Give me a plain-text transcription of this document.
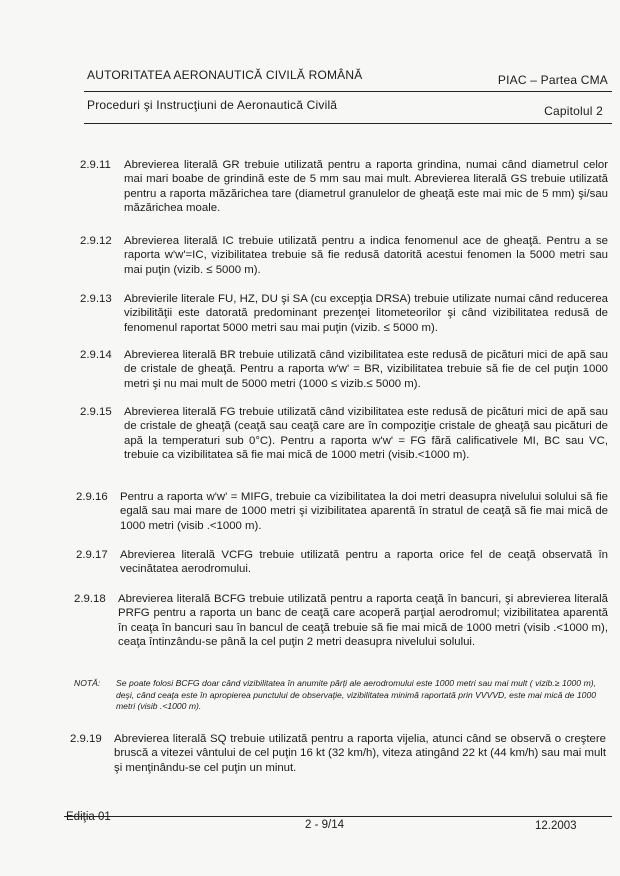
AUTORITATEA AERONAUTICĂ CIVILĂ ROMÂNĂ	PIAC – Partea CMA
Proceduri şi Instrucţiuni de Aeronautică Civilă	Capitolul 2
2.9.11	Abrevierea literală GR trebuie utilizată pentru a raporta grindina, numai când diametrul celor mai mari boabe de grindină este de 5 mm sau mai mult. Abrevierea literală GS trebuie utilizată pentru a raporta măzărichea tare (diametrul granulelor de gheaţă este mai mic de 5 mm) şi/sau măzărichea moale.
2.9.12	Abrevierea literală IC trebuie utilizată pentru a indica fenomenul ace de gheaţă. Pentru a se raporta w'w'=IC, vizibilitatea trebuie să fie redusă datorită acestui fenomen la 5000 metri sau mai puţin (vizib. ≤ 5000 m).
2.9.13	Abrevierile literale FU, HZ, DU şi SA (cu excepţia DRSA) trebuie utilizate numai când reducerea vizibilităţii este datorată predominant prezenţei litometeorilor şi când vizibilitatea redusă de fenomenul raportat 5000 metri sau mai puţin (vizib. ≤ 5000 m).
2.9.14	Abrevierea literală BR trebuie utilizată când vizibilitatea este redusă de picături mici de apă sau de cristale de gheaţă. Pentru a raporta w'w' = BR, vizibilitatea trebuie să fie de cel puţin 1000 metri şi nu mai mult de 5000 metri (1000 ≤ vizib.≤ 5000 m).
2.9.15	Abrevierea literală FG trebuie utilizată când vizibilitatea este redusă de picături mici de apă sau de cristale de gheaţă (ceaţă sau ceaţă care are în compoziţie cristale de gheaţă sau picături de apă la temperaturi sub 0°C). Pentru a raporta w'w' = FG fără calificativele MI, BC sau VC, trebuie ca vizibilitatea să fie mai mică de 1000 metri (visib.<1000 m).
2.9.16	Pentru a raporta w'w' = MIFG, trebuie ca vizibilitatea la doi metri deasupra nivelului solului să fie egală sau mai mare de 1000 metri şi vizibilitatea aparentă în stratul de ceaţă să fie mai mică de 1000 metri (visib .<1000 m).
2.9.17	Abrevierea literală VCFG trebuie utilizată pentru a raporta orice fel de ceaţă observată în vecinătatea aerodromului.
2.9.18	Abrevierea literală BCFG trebuie utilizată pentru a raporta ceaţă în bancuri, şi abrevierea literală PRFG pentru a raporta un banc de ceaţă care acoperă parţial aerodromul; vizibilitatea aparentă în ceaţa în bancuri sau în bancul de ceaţă trebuie să fie mai mică de 1000 metri (visib .<1000 m), ceaţa întinzându-se până la cel puţin 2 metri deasupra nivelului solului.
NOTĂ:	Se poate folosi BCFG doar când vizibilitatea în anumite părţi ale aerodromului este 1000 metri sau mai mult ( vizib.≥ 1000 m), deşi, când ceaţa este în apropierea punctului de observaţie, vizibilitatea minimă raportată prin VVVVD, este mai mică de 1000 metri (visib .<1000 m).
2.9.19	Abrevierea literală SQ trebuie utilizată pentru a raporta vijelia, atunci când se observă o creştere bruscă a vitezei vântului de cel puţin 16 kt (32 km/h), viteza atingând 22 kt (44 km/h) sau mai mult şi menţinându-se cel puţin un minut.
Ediţia 01
2 - 9/14	12.2003
